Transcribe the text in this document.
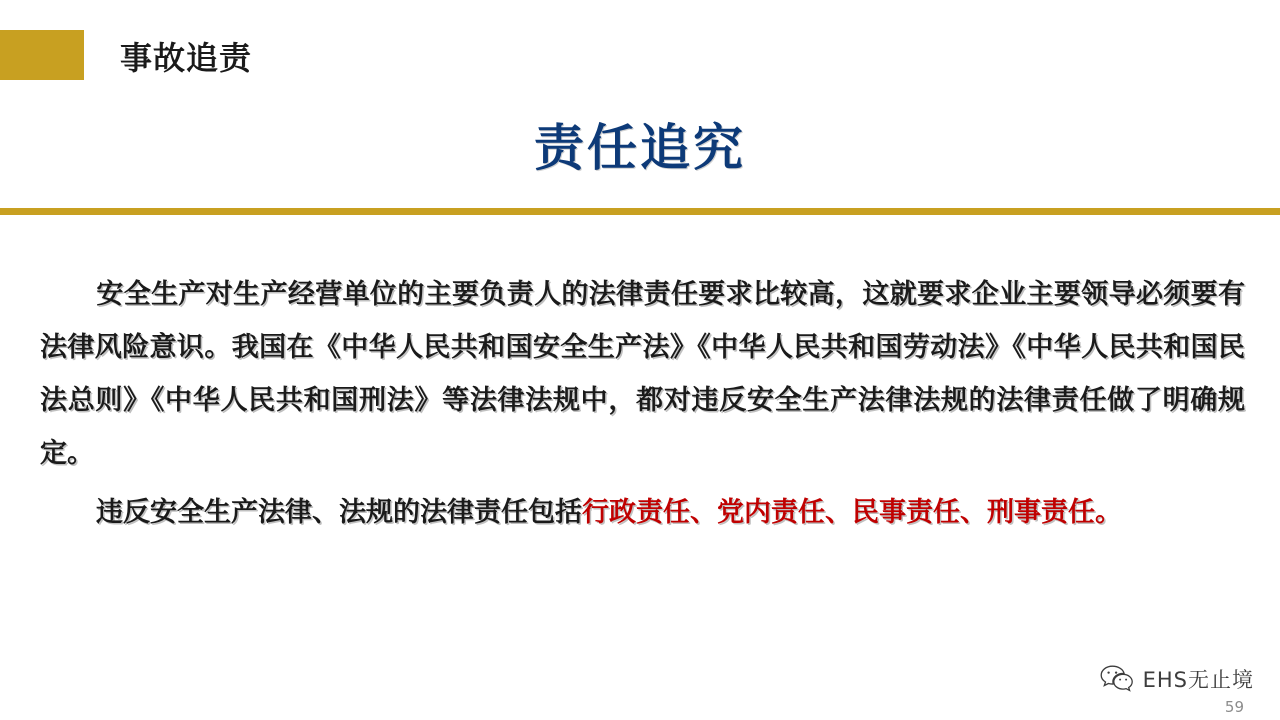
事故追责
责任追究

安全生产对生产经营单位的主要负责人的法律责任要求比较高，这就要求企业主要领导必须要有法律风险意识。我国在《中华人民共和国安全生产法》《中华人民共和国劳动法》《中华人民共和国民法总则》《中华人民共和国刑法》等法律法规中，都对违反安全生产法律法规的法律责任做了明确规定。

违反安全生产法律、法规的法律责任包括行政责任、党内责任、民事责任、刑事责任。

EHS无止境
59
